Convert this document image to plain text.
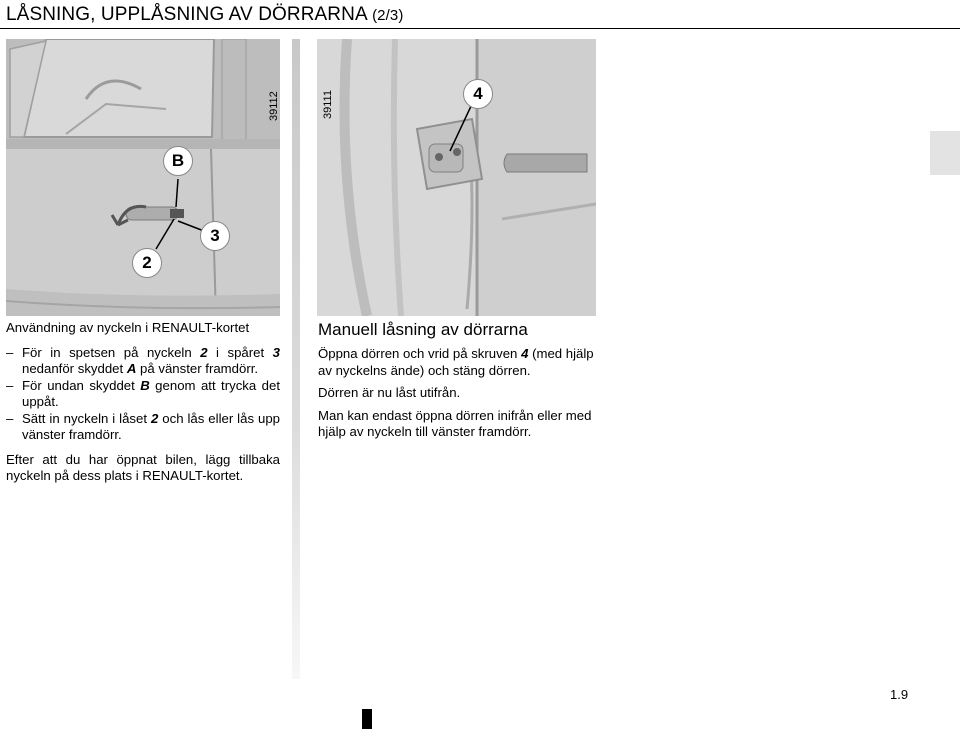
LÅSNING, UPPLÅSNING AV DÖRRARNA (2/3)
39112
B
3
2
39111	4
Användning av nyckeln i RENAULT-kortet
– För in spetsen på nyckeln 2 i spåret 3 nedanför skyddet A på vänster framdörr.
– För undan skyddet B genom att trycka det uppåt.
– Sätt in nyckeln i låset 2 och lås eller lås upp vänster framdörr.

Efter att du har öppnat bilen, lägg tillbaka nyckeln på dess plats i RENAULT-kortet.

Manuell låsning av dörrarna

Öppna dörren och vrid på skruven 4 (med hjälp av nyckelns ände) och stäng dörren.

Dörren är nu låst utifrån.

Man kan endast öppna dörren inifrån eller med hjälp av nyckeln till vänster framdörr.

1.9
